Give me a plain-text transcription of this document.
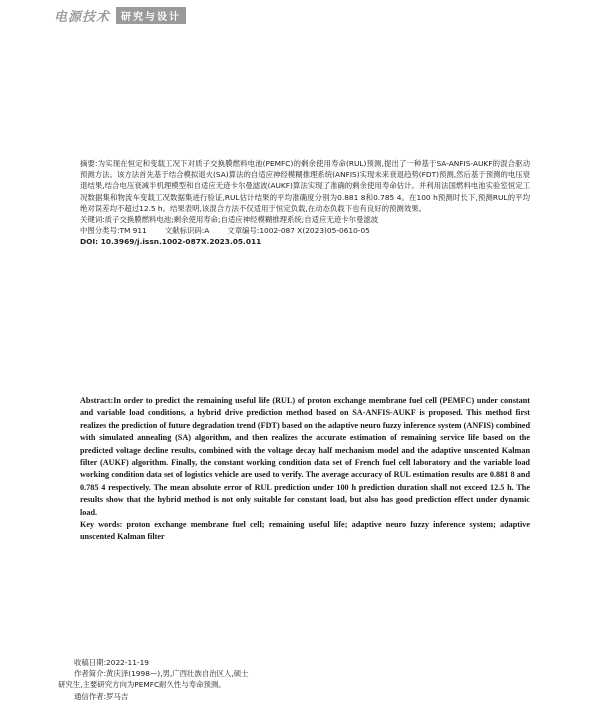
电源技术	研究与设计

摘要:为实现在恒定和变载工况下对质子交换膜燃料电池(PEMFC)的剩余使用寿命(RUL)预测,提出了一种基于SA-ANFIS-AUKF的混合驱动预测方法。该方法首先基于结合模拟退火(SA)算法的自适应神经模糊推理系统(ANFIS)实现未来衰退趋势(FDT)预测,然后基于预测的电压衰退结果,结合电压衰减半机理模型和自适应无迹卡尔曼滤波(AUKF)算法实现了准确的剩余使用寿命估计。并利用法国燃料电池实验室恒定工况数据集和物流车变载工况数据集进行验证,RUL估计结果的平均准确度分别为0.881 8和0.785 4。在100 h预测时长下,预测RUL的平均绝对误差均不超过12.5 h。结果表明,该混合方法不仅适用于恒定负载,在动态负载下也有良好的预测效果。

关键词:质子交换膜燃料电池;剩余使用寿命;自适应神经模糊推理系统;自适应无迹卡尔曼滤波

中图分类号:TM 911 文献标识码:A 文章编号:1002-087 X(2023)05-0610-05

DOI: 10.3969/j.issn.1002-087X.2023.05.011

Abstract:In order to predict the remaining useful life (RUL) of proton exchange membrane fuel cell (PEMFC) under constant and variable load conditions, a hybrid drive prediction method based on SA-ANFIS-AUKF is proposed. This method first realizes the prediction of future degradation trend (FDT) based on the adaptive neuro fuzzy inference system (ANFIS) combined with simulated annealing (SA) algorithm, and then realizes the accurate estimation of remaining service life based on the predicted voltage decline results, combined with the voltage decay half mechanism model and the adaptive unscented Kalman filter (AUKF) algorithm. Finally, the constant working condition data set of French fuel cell laboratory and the variable load working condition data set of logistics vehicle are used to verify. The average accuracy of RUL estimation results are 0.881 8 and 0.785 4 respectively. The mean absolute error of RUL prediction under 100 h prediction duration shall not exceed 12.5 h. The results show that the hybrid method is not only suitable for constant load, but also has good prediction effect under dynamic load.

Key words: proton exchange membrane fuel cell; remaining useful life; adaptive neuro fuzzy inference system; adaptive unscented Kalman filter

收稿日期:2022-11-19

作者简介:黄庆泽(1998—),男,广西壮族自治区人,硕士

研究生,主要研究方向为PEMFC耐久性与寿命预测。

通信作者:罗马吉
